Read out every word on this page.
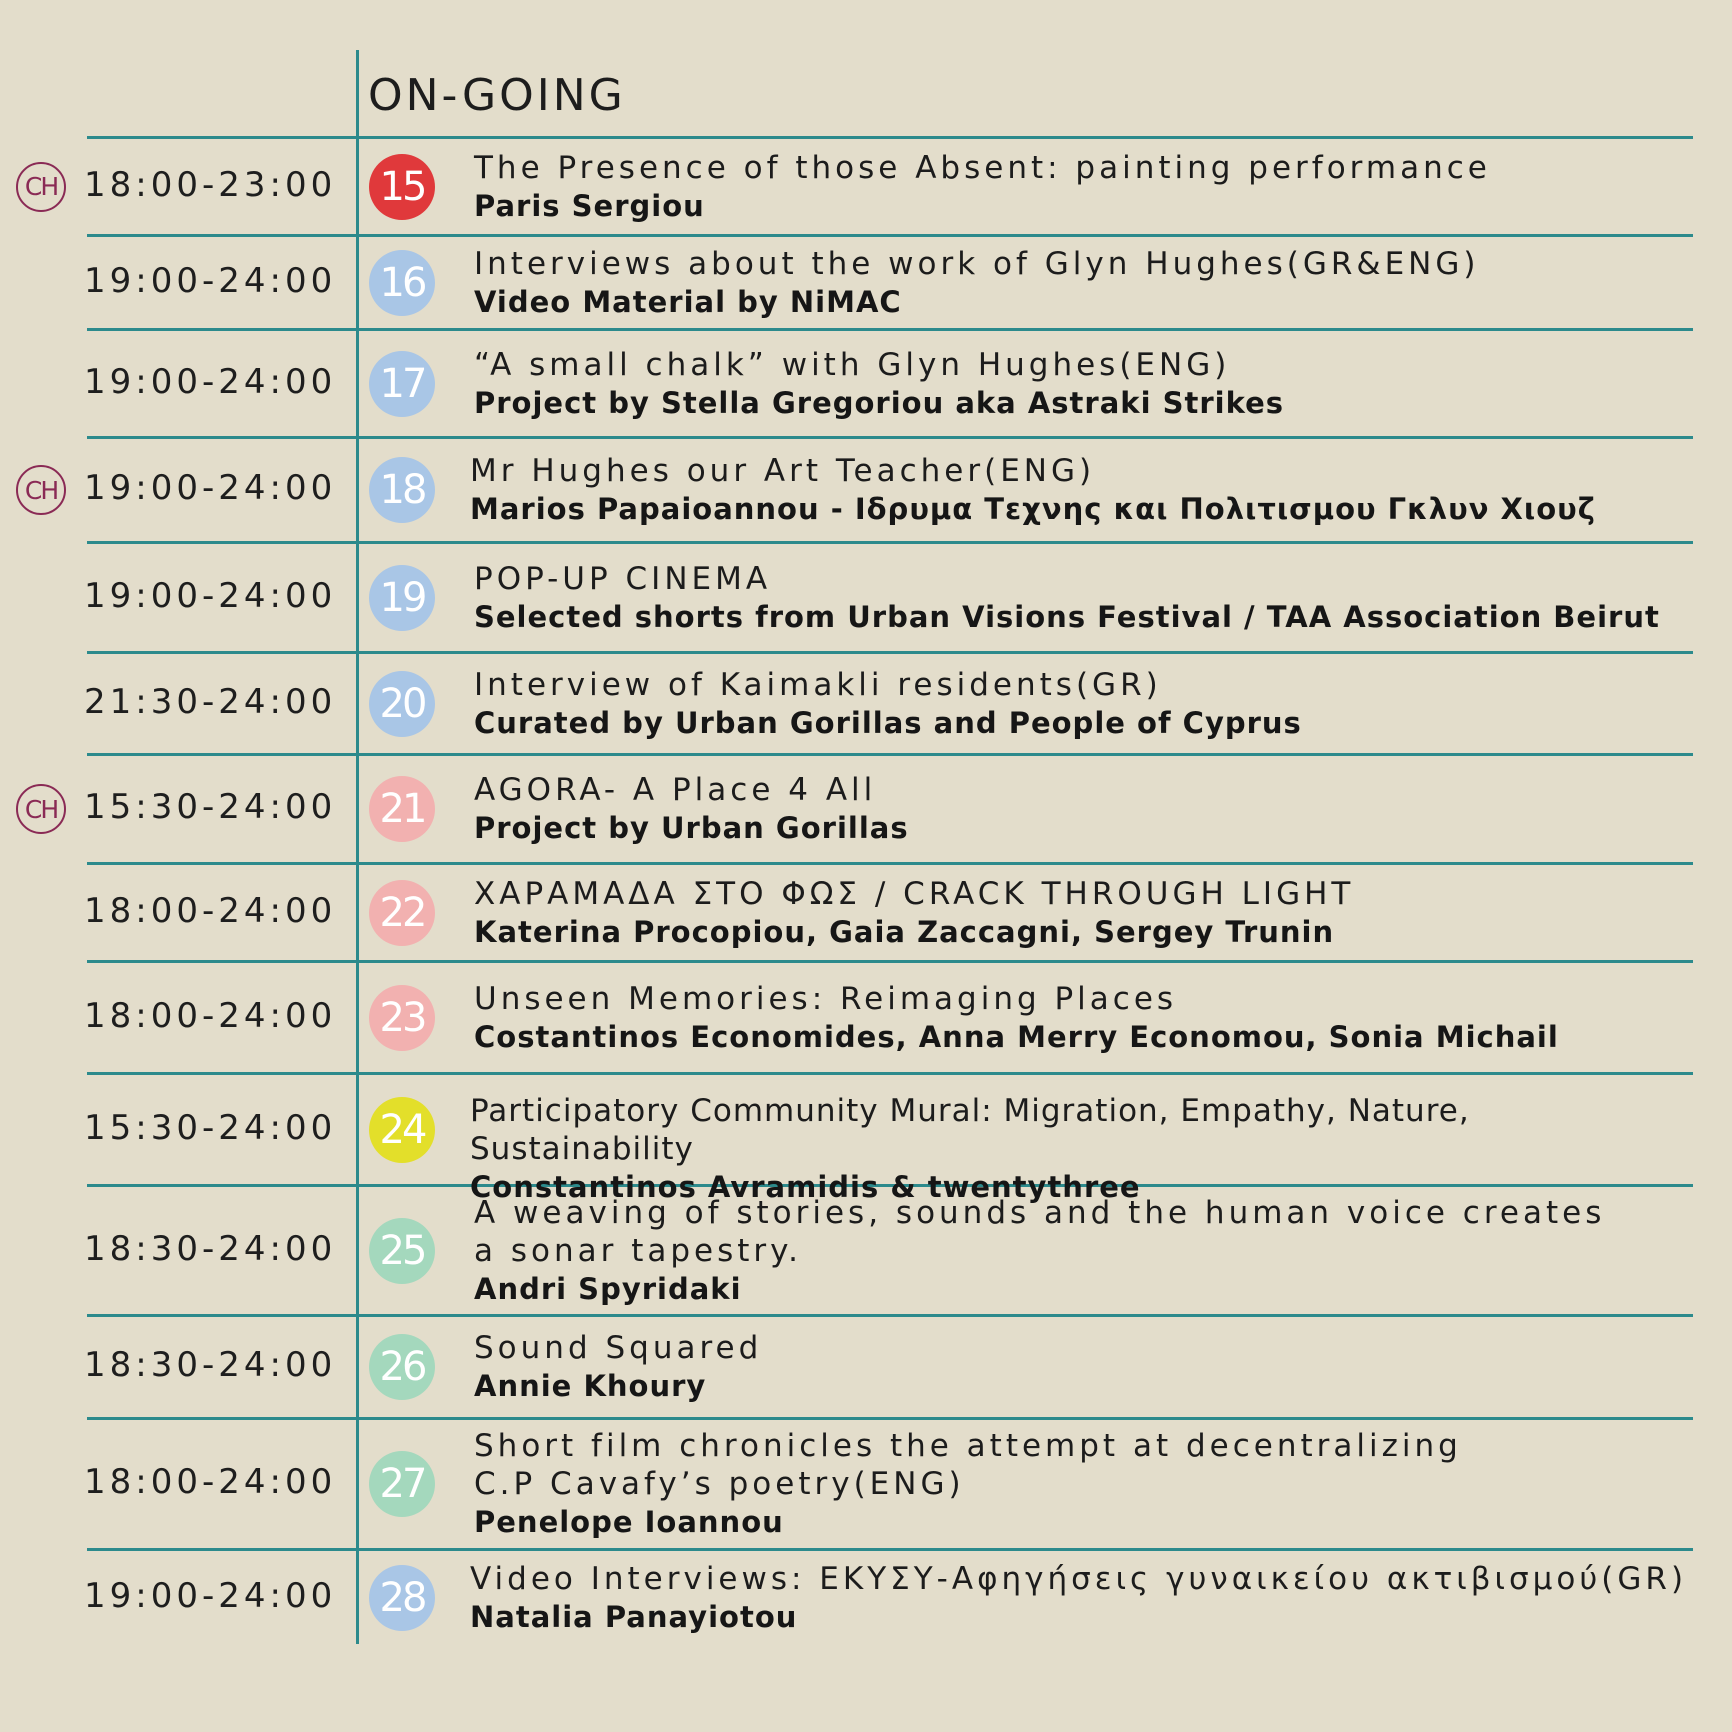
ON-GOING
CH 18:00-23:00 15	The Presence of those Absent: painting performance
Paris Sergiou
19:00-24:00 16	Interviews about the work of Glyn Hughes(GR&ENG)
Video Material by NiMAC
19:00-24:00 17	“A small chalk” with Glyn Hughes(ENG)
Project by Stella Gregoriou aka Astraki Strikes
CH 19:00-24:00 18	Mr Hughes our Art Teacher(ENG)
Marios Papaioannou - Ιδρυμα Τεχνης και Πολιτισμου Γκλυν Χιουζ
19:00-24:00 19	POP-UP CINEMA
Selected shorts from Urban Visions Festival / TAA Association Beirut
21:30-24:00 20	Interview of Kaimakli residents(GR)
Curated by Urban Gorillas and People of Cyprus
CH 15:30-24:00 21	AGORA- A Place 4 All
Project by Urban Gorillas
18:00-24:00 22	ΧΑΡΑΜΑΔΑ ΣΤΟ ΦΩΣ / CRACK THROUGH LIGHT
Katerina Procopiou, Gaia Zaccagni, Sergey Trunin
18:00-24:00 23	Unseen Memories: Reimaging Places
Costantinos Economides, Anna Merry Economou, Sonia Michail
15:30-24:00 24	Participatory Community Mural: Migration, Empathy, Nature, Sustainability
Constantinos Avramidis & twentythree
18:30-24:00 25
A weaving of stories, sounds and the human voice creates
a sonar tapestry.
Andri Spyridaki
18:30-24:00 26	Sound Squared
Annie Khoury
18:00-24:00 27
Short film chronicles the attempt at decentralizing
C.P Cavafy’s poetry(ENG)
Penelope Ioannou
19:00-24:00 28	Video Interviews: ΕΚΥΣΥ-Αφηγήσεις γυναικείου ακτιβισμού(GR)
Natalia Panayiotou
